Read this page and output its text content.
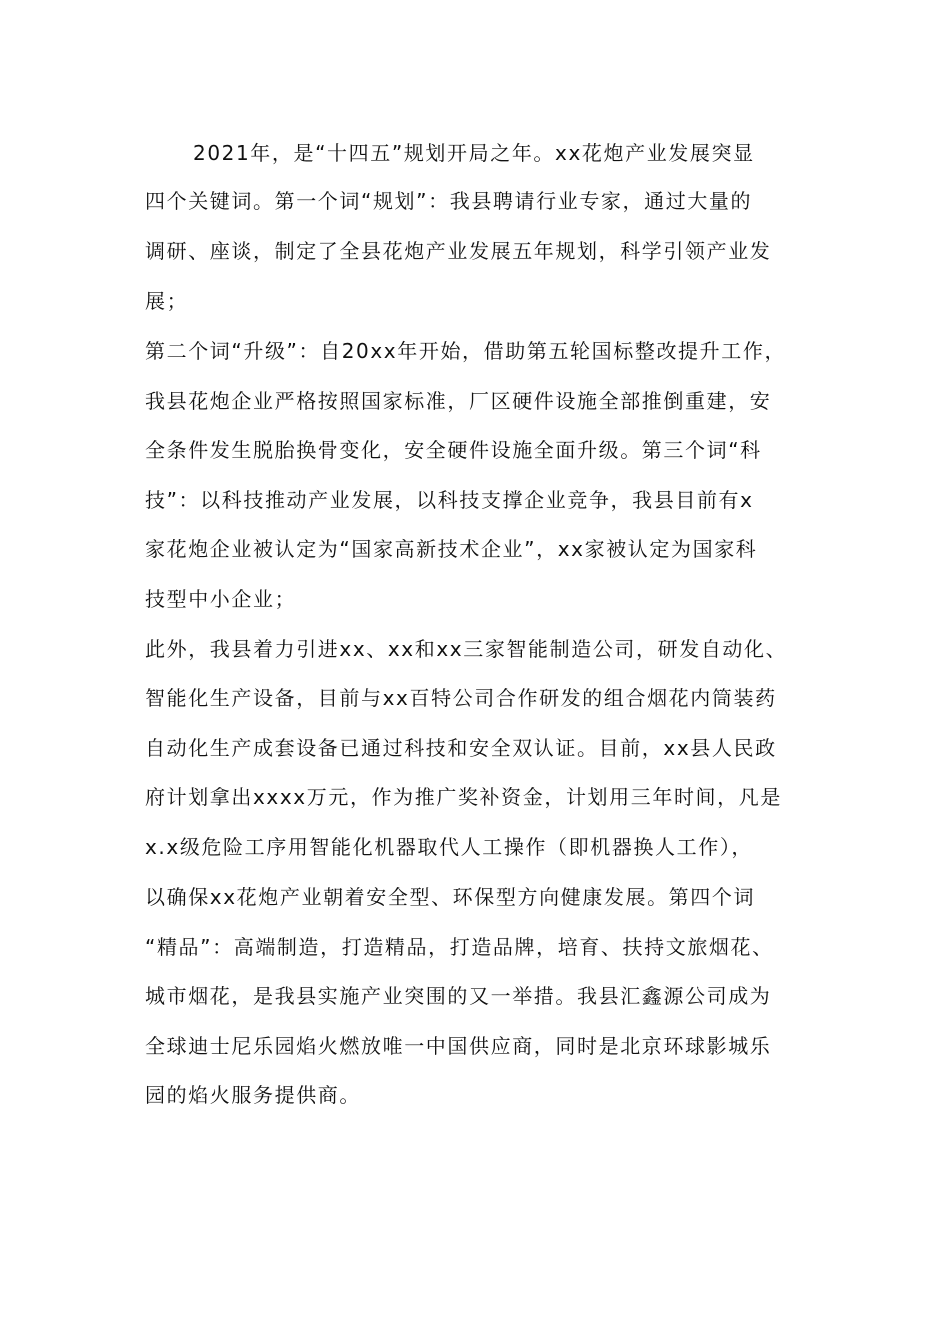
2021年，是“十四五”规划开局之年。xx花炮产业发展突显
四个关键词。第一个词“规划”：我县聘请行业专家，通过大量的
调研、座谈，制定了全县花炮产业发展五年规划，科学引领产业发
展；
第二个词“升级”：自20xx年开始，借助第五轮国标整改提升工作，
我县花炮企业严格按照国家标准，厂区硬件设施全部推倒重建，安
全条件发生脱胎换骨变化，安全硬件设施全面升级。第三个词“科
技”：以科技推动产业发展，以科技支撑企业竞争，我县目前有x
家花炮企业被认定为“国家高新技术企业”，xx家被认定为国家科
技型中小企业；
此外，我县着力引进xx、xx和xx三家智能制造公司，研发自动化、
智能化生产设备，目前与xx百特公司合作研发的组合烟花内筒装药
自动化生产成套设备已通过科技和安全双认证。目前，xx县人民政
府计划拿出xxxx万元，作为推广奖补资金，计划用三年时间，凡是
x.x级危险工序用智能化机器取代人工操作（即机器换人工作），
以确保xx花炮产业朝着安全型、环保型方向健康发展。第四个词
“精品”：高端制造，打造精品，打造品牌，培育、扶持文旅烟花、
城市烟花，是我县实施产业突围的又一举措。我县汇鑫源公司成为
全球迪士尼乐园焰火燃放唯一中国供应商，同时是北京环球影城乐
园的焰火服务提供商。
